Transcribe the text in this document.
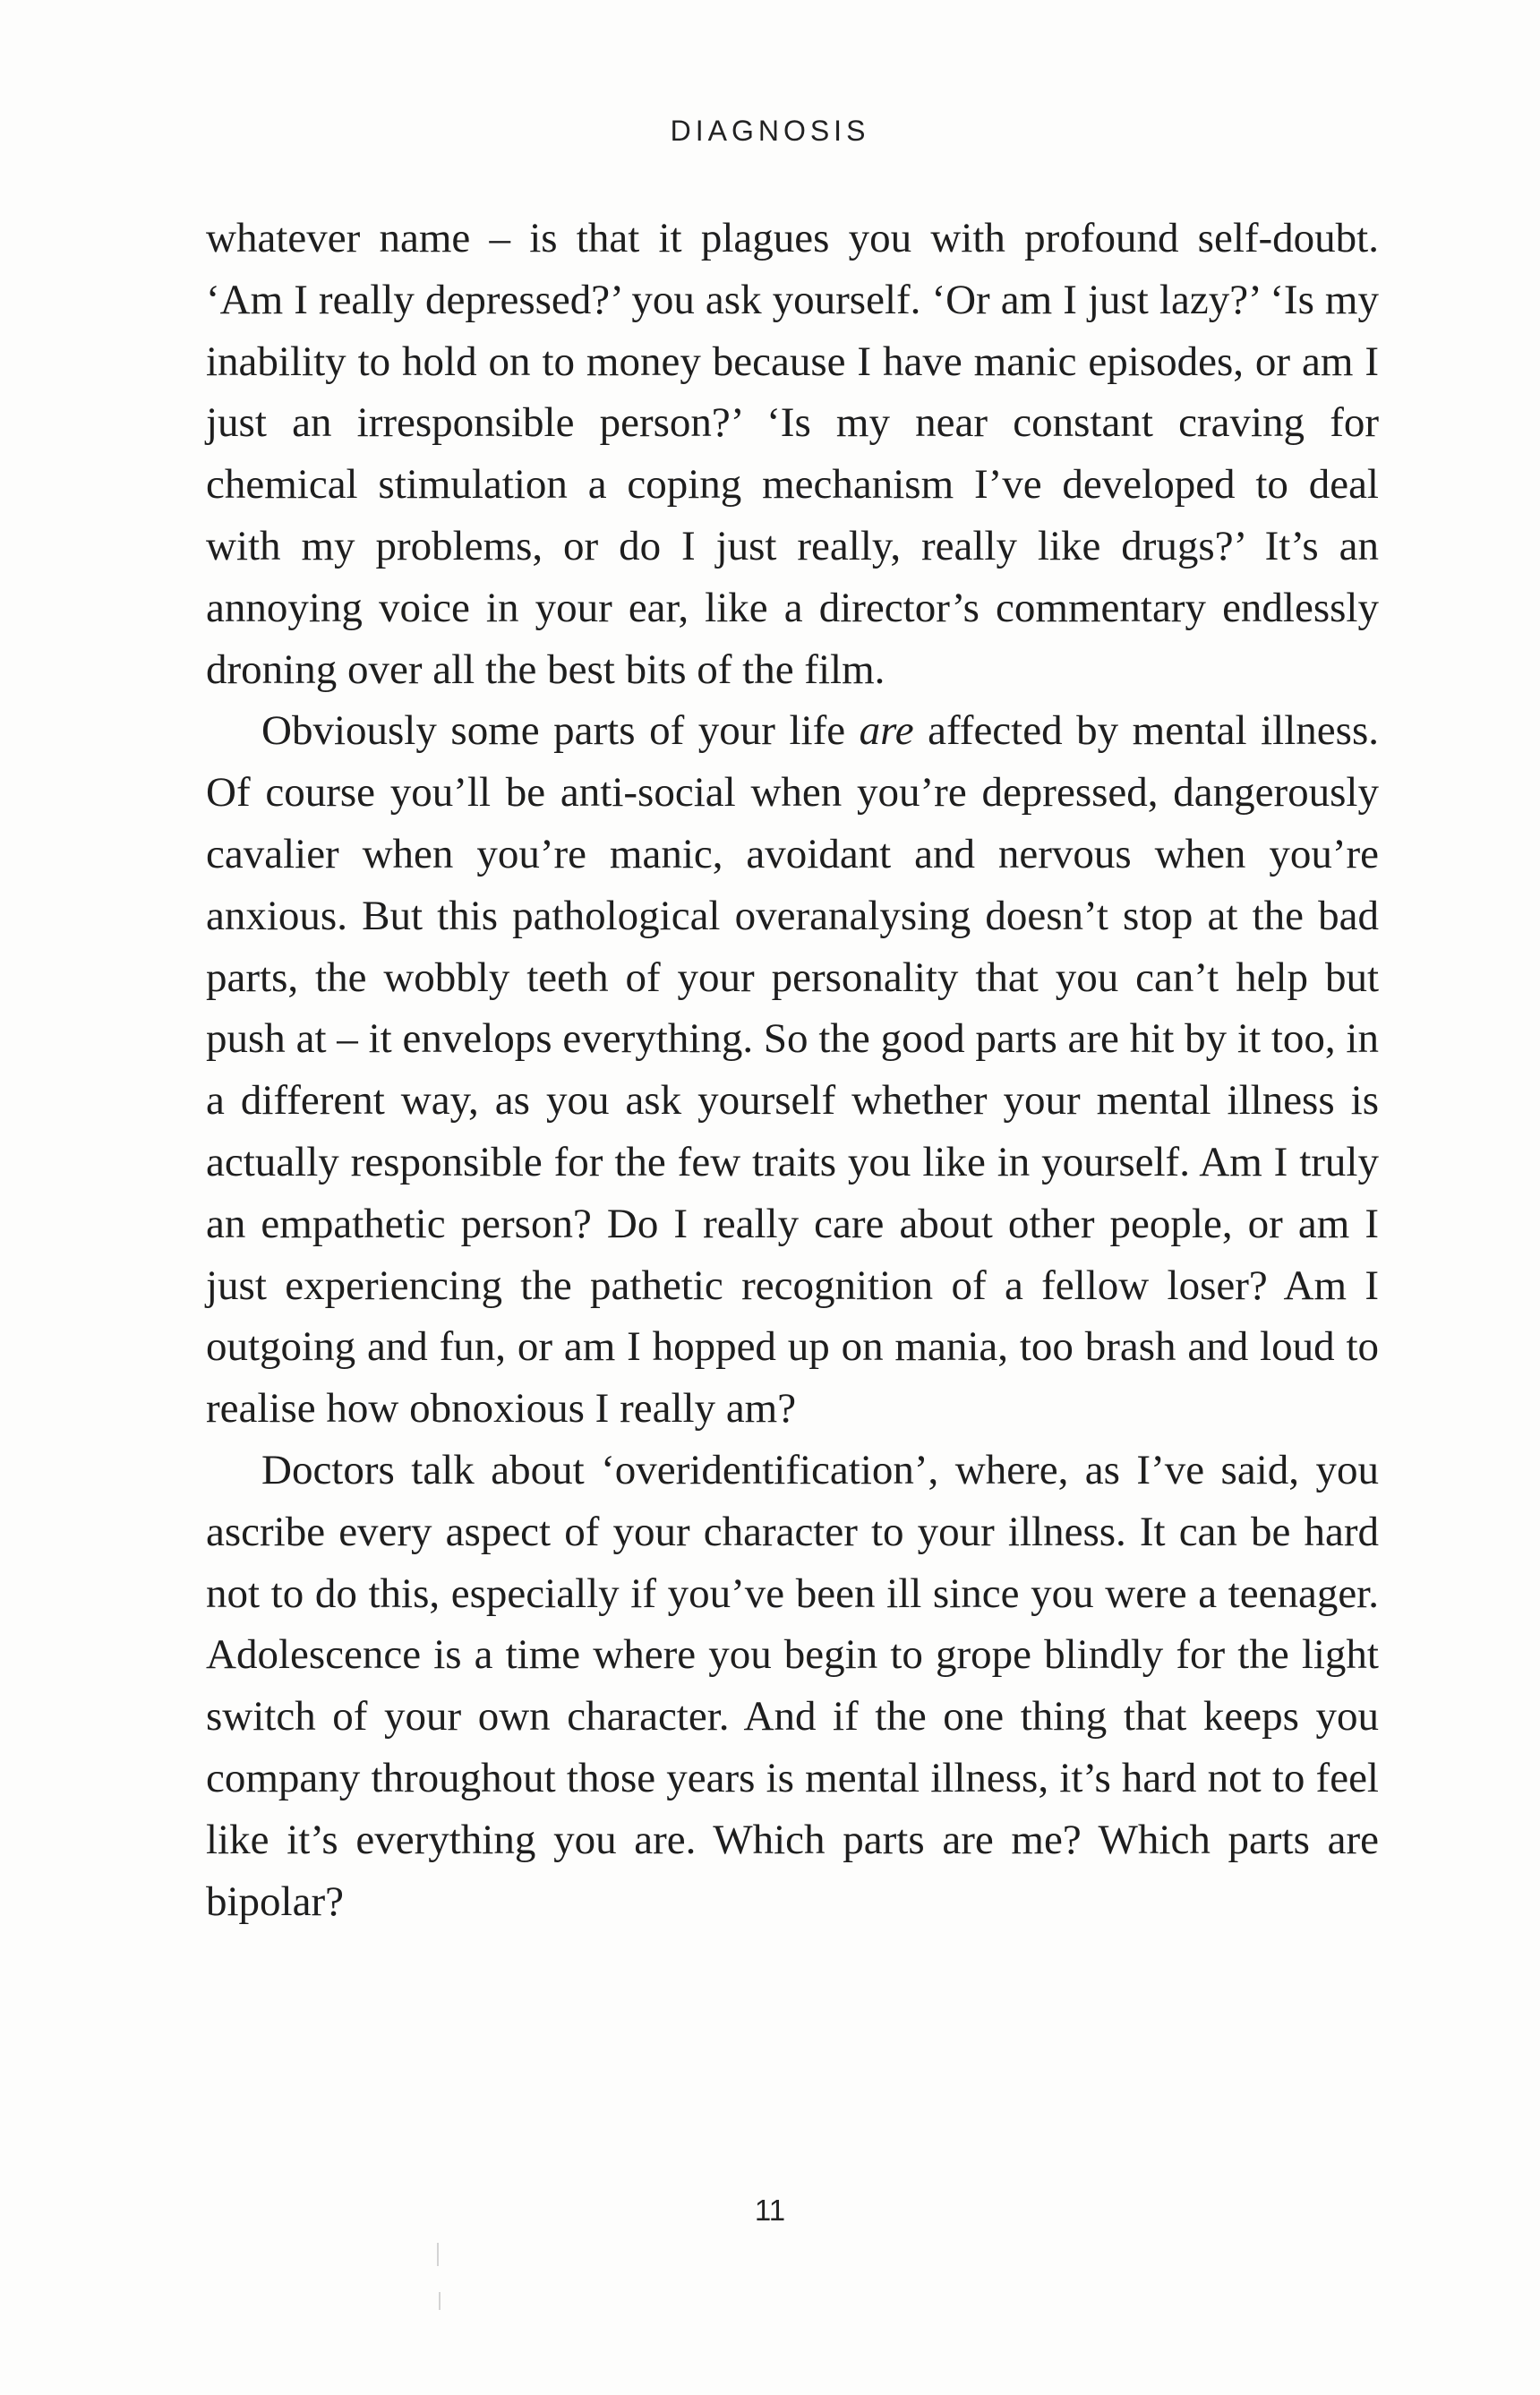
DIAGNOSIS

whatever name – is that it plagues you with profound self-doubt. ‘Am I really depressed?’ you ask yourself. ‘Or am I just lazy?’ ‘Is my inability to hold on to money because I have manic episodes, or am I just an irresponsible person?’ ‘Is my near constant craving for chemical stimulation a coping mechanism I’ve developed to deal with my problems, or do I just really, really like drugs?’ It’s an annoying voice in your ear, like a director’s commentary endlessly droning over all the best bits of the film.

Obviously some parts of your life are affected by mental illness. Of course you’ll be anti-social when you’re depressed, dangerously cavalier when you’re manic, avoidant and nervous when you’re anxious. But this pathological overanalysing doesn’t stop at the bad parts, the wobbly teeth of your personality that you can’t help but push at – it envelops everything. So the good parts are hit by it too, in a different way, as you ask yourself whether your mental illness is actually responsible for the few traits you like in yourself. Am I truly an empathetic person? Do I really care about other people, or am I just experiencing the pathetic recognition of a fellow loser? Am I outgoing and fun, or am I hopped up on mania, too brash and loud to realise how obnoxious I really am?

Doctors talk about ‘overidentification’, where, as I’ve said, you ascribe every aspect of your character to your illness. It can be hard not to do this, especially if you’ve been ill since you were a teenager. Adolescence is a time where you begin to grope blindly for the light switch of your own character. And if the one thing that keeps you company throughout those years is mental illness, it’s hard not to feel like it’s everything you are. Which parts are me? Which parts are bipolar?

11
